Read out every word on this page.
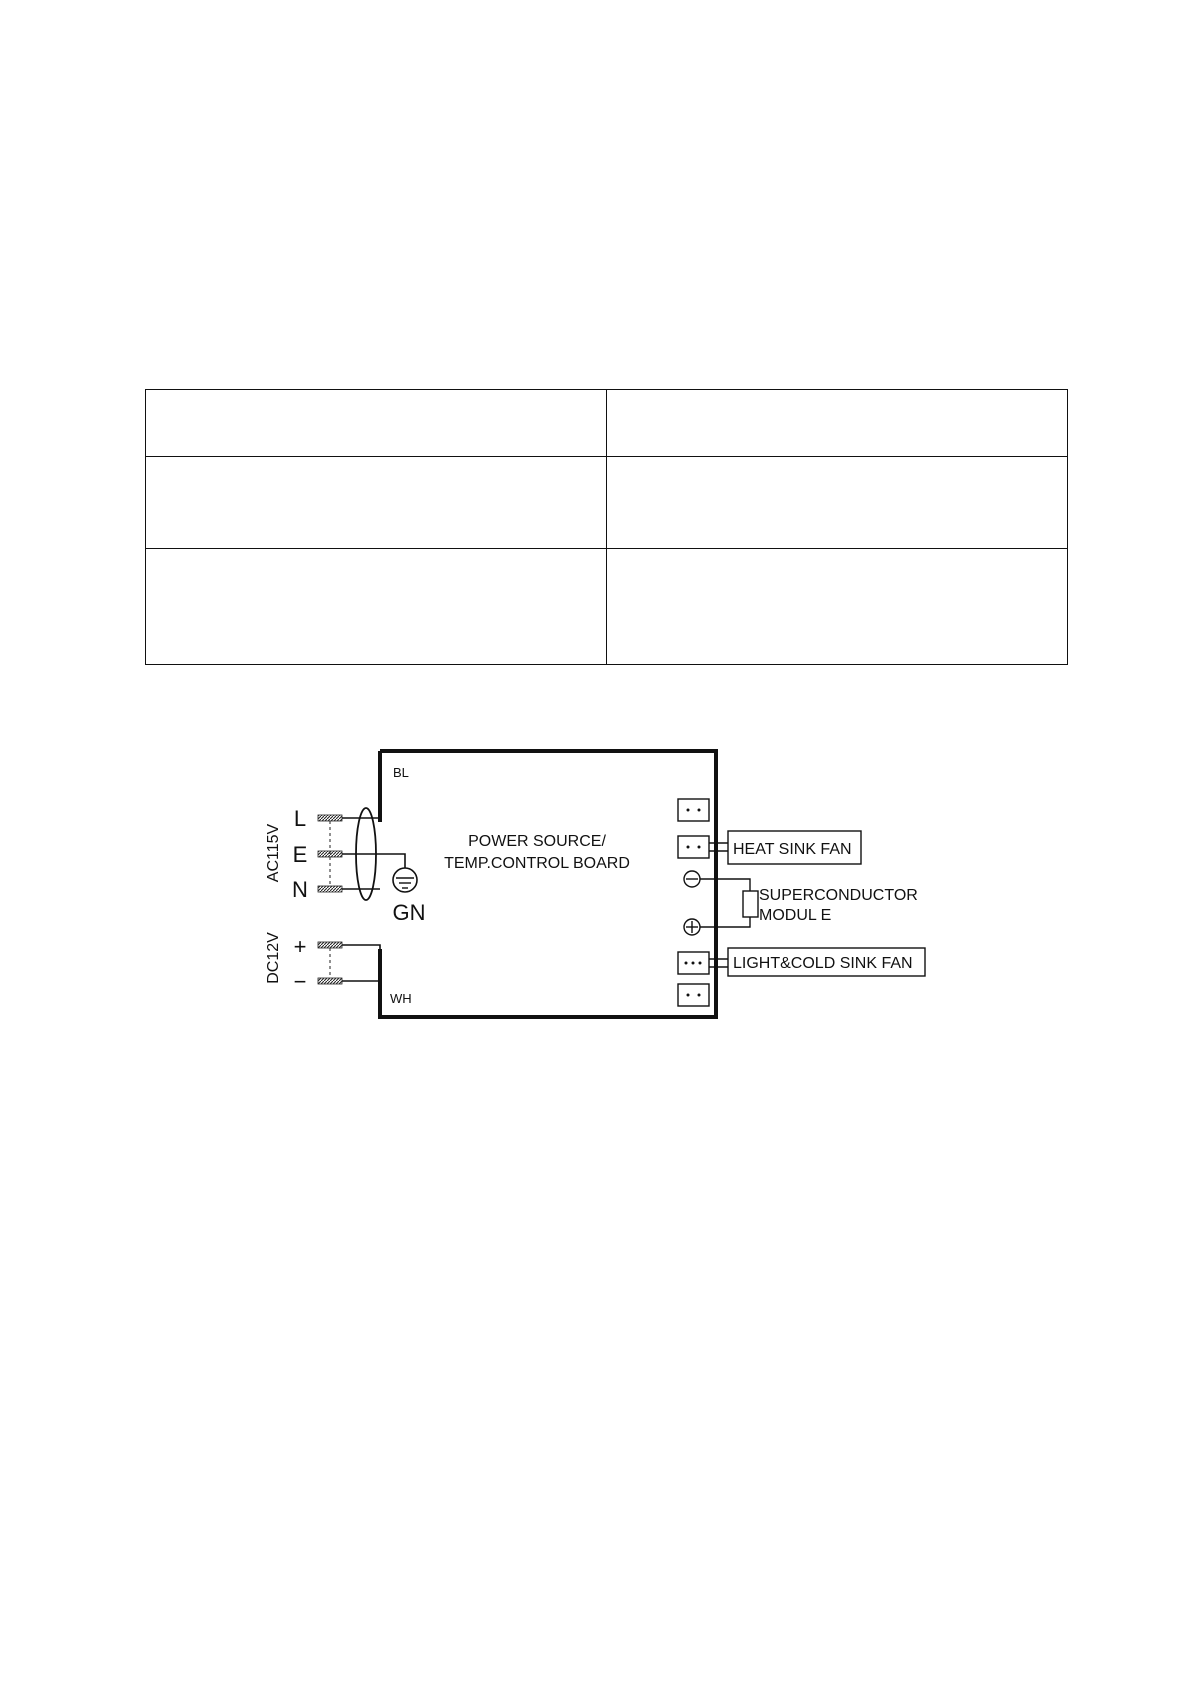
BL
WH
POWER SOURCE/
TEMP.CONTROL BOARD
AC115V
DC12V
L
E
N
+
−
GN
HEAT SINK FAN
SUPERCONDUCTOR
MODUL E
LIGHT&COLD SINK FAN
